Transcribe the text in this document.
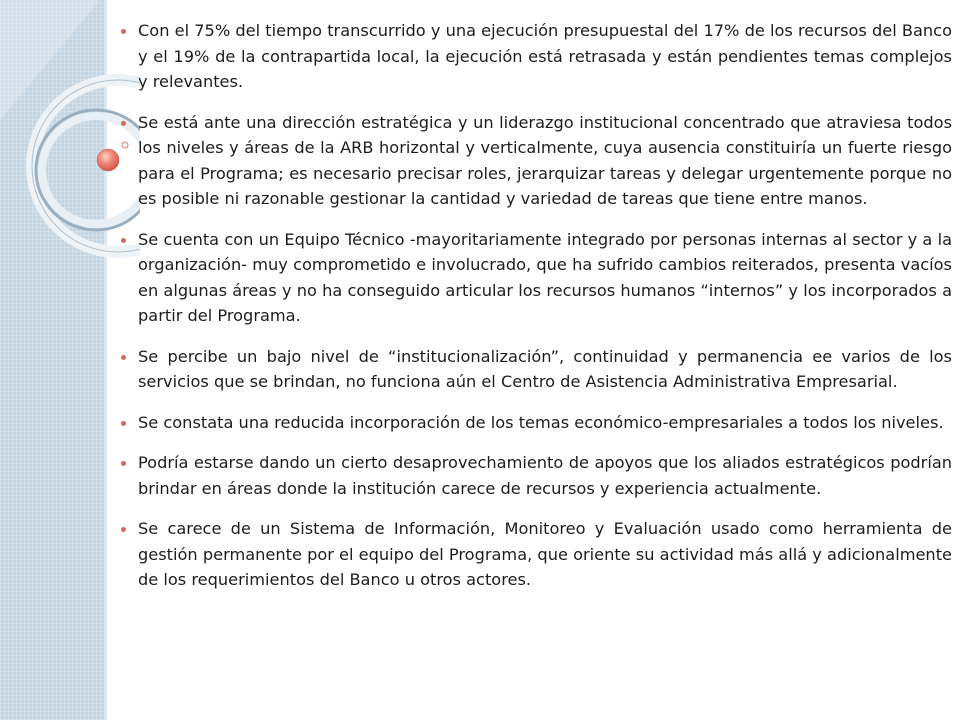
Con el 75% del tiempo transcurrido y una ejecución presupuestal del 17% de los recursos del Banco y el 19% de la contrapartida local, la ejecución está retrasada y están pendientes temas complejos y relevantes.
Se está ante una dirección estratégica y un liderazgo institucional concentrado que atraviesa todos los niveles y áreas de la ARB horizontal y verticalmente, cuya ausencia constituiría un fuerte riesgo para el Programa; es necesario precisar roles, jerarquizar tareas y delegar urgentemente porque no es posible ni razonable gestionar la cantidad y variedad de tareas que tiene entre manos.
Se cuenta con un Equipo Técnico -mayoritariamente integrado por personas internas al sector y a la organización- muy comprometido e involucrado, que ha sufrido cambios reiterados, presenta vacíos en algunas áreas y no ha conseguido articular los recursos humanos “internos” y los incorporados a partir del Programa.
Se percibe un bajo nivel de “institucionalización”, continuidad y permanencia ee varios de los servicios que se brindan, no funciona aún el Centro de Asistencia Administrativa Empresarial.
Se constata una reducida incorporación de los temas económico-empresariales a todos los niveles.
Podría estarse dando un cierto desaprovechamiento de apoyos que los aliados estratégicos podrían brindar en áreas donde la institución carece de recursos y experiencia actualmente.
Se carece de un Sistema de Información, Monitoreo y Evaluación usado como herramienta de gestión permanente por el equipo del Programa, que oriente su actividad más allá y adicionalmente de los requerimientos del Banco u otros actores.
